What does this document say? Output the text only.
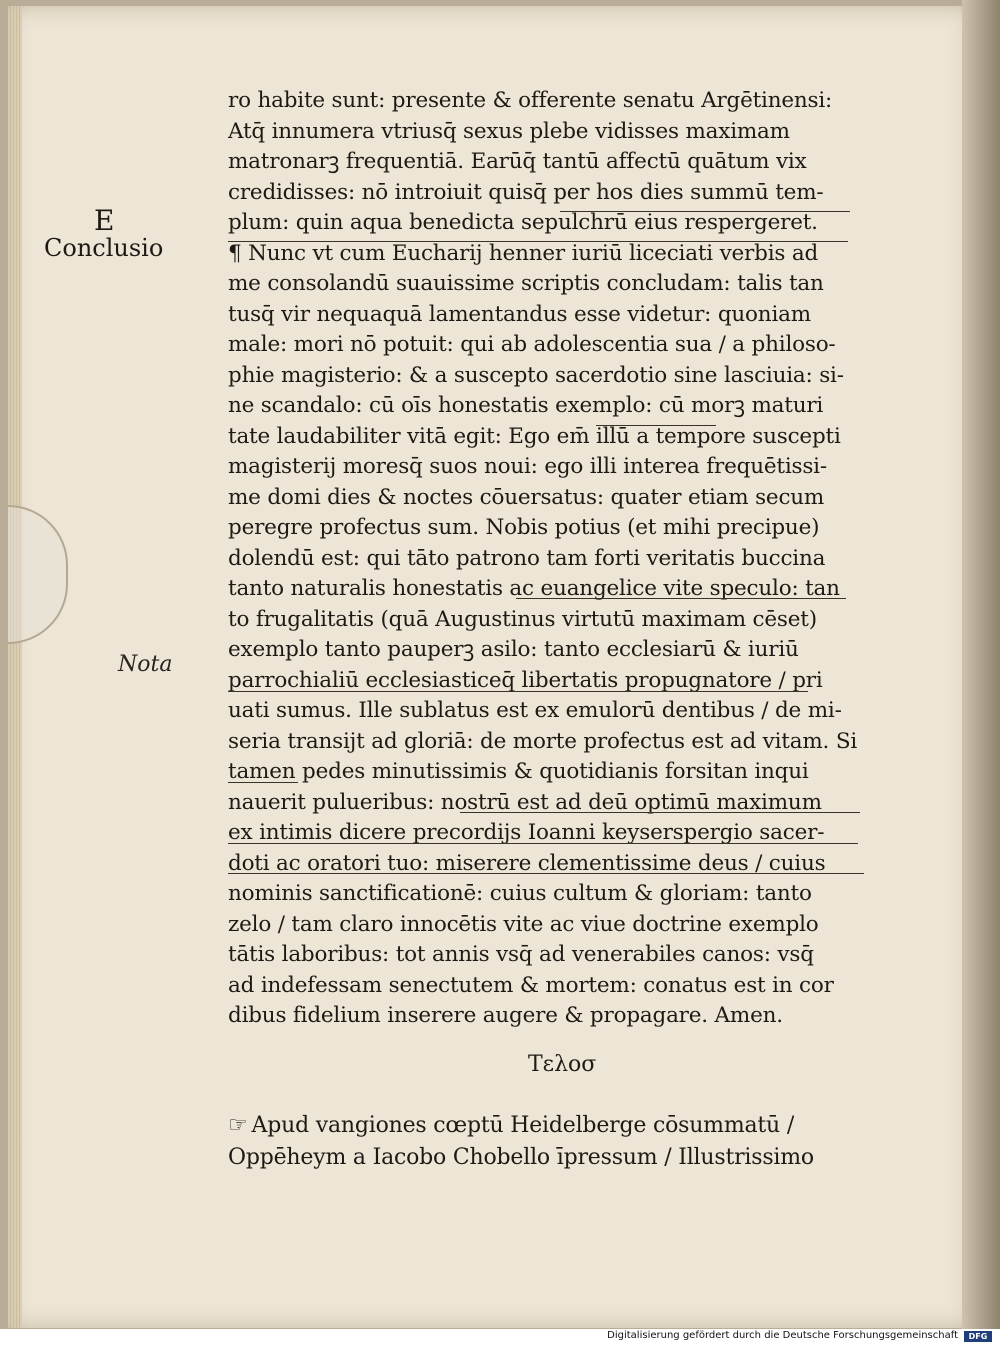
E
Conclusio
Nota
ro habite sunt: presente & offerente senatu Argētinensi:
Atq̄ innumera vtriusq̄ sexus plebe vidisses maximam
matronarꝫ frequentiā. Earūq̄ tantū affectū quātum vix
credidisses: nō introiuit quisq̄ per hos dies summū tem-
plum: quin aqua benedicta sepulchrū eius respergeret.
¶ Nunc vt cum Eucharij henner iuriū liceciati verbis ad
me consolandū suauissime scriptis concludam: talis tan
tusq̄ vir nequaquā lamentandus esse videtur: quoniam
male: mori nō potuit: qui ab adolescentia sua / a philoso-
phie magisterio: & a suscepto sacerdotio sine lasciuia: si-
ne scandalo: cū oīs honestatis exemplo: cū morꝫ maturi
tate laudabiliter vitā egit: Ego em̄ illū a tempore suscepti
magisterij moresq̄ suos noui: ego illi interea frequētissi-
me domi dies & noctes cōuersatus: quater etiam secum
peregre profectus sum. Nobis potius (et mihi precipue)
dolendū est: qui tāto patrono tam forti veritatis buccina
tanto naturalis honestatis ac euangelice vite speculo: tan
to frugalitatis (quā Augustinus virtutū maximam cēset)
exemplo tanto pauperꝫ asilo: tanto ecclesiarū & iuriū
parrochialiū ecclesiasticeq̄ libertatis propugnatore / pri
uati sumus. Ille sublatus est ex emulorū dentibus / de mi-
seria transijt ad gloriā: de morte profectus est ad vitam. Si
tamen pedes minutissimis & quotidianis forsitan inqui
nauerit pulueribus: nostrū est ad deū optimū maximum
ex intimis dicere precordijs Ioanni keyserspergio sacer-
doti ac oratori tuo: miserere clementissime deus / cuius
nominis sanctificationē: cuius cultum & gloriam: tanto
zelo / tam claro innocētis vite ac viue doctrine exemplo
tātis laboribus: tot annis vsq̄ ad venerabiles canos: vsq̄
ad indefessam senectutem & mortem: conatus est in cor
dibus fidelium inserere augere & propagare. Amen.
Τελοσ
☞ Apud vangiones cœptū Heidelberge cōsummatū /
Oppēheym a Iacobo Chobello īpressum / Illustrissimo
Digitalisierung gefördert durch die Deutsche Forschungsgemeinschaft	DFG
